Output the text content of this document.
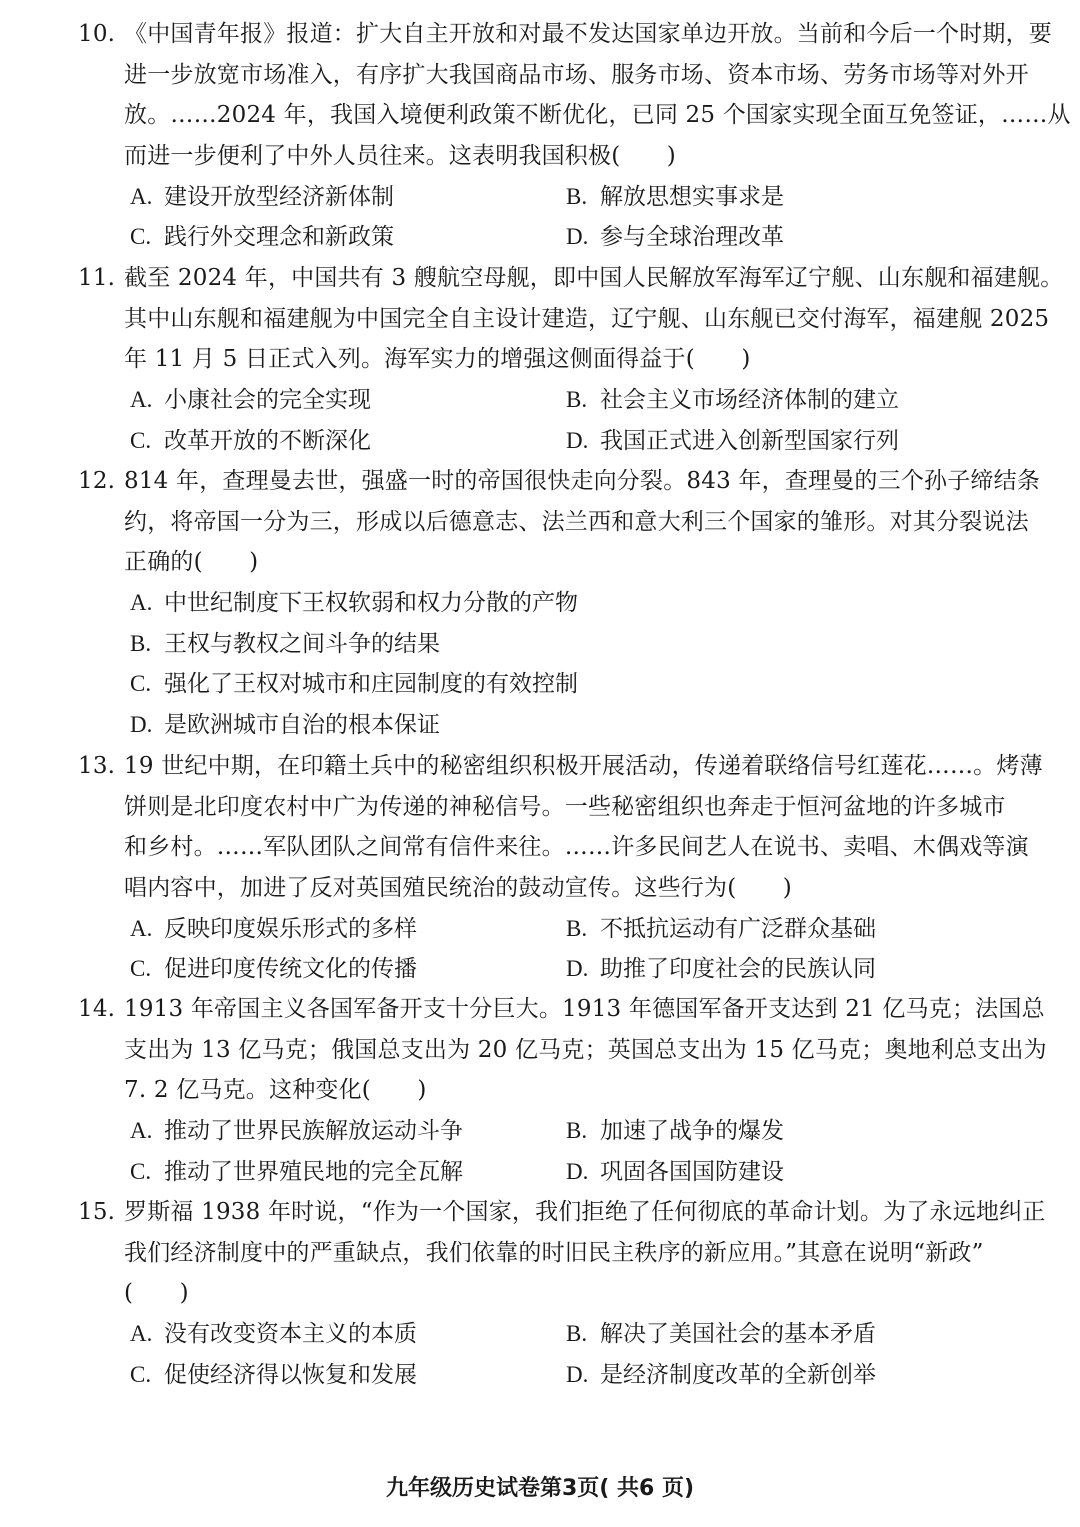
10. 《中国青年报》报道：扩大自主开放和对最不发达国家单边开放。当前和今后一个时期，要
进一步放宽市场准入，有序扩大我国商品市场、服务市场、资本市场、劳务市场等对外开
放。……2024 年，我国入境便利政策不断优化，已同 25 个国家实现全面互免签证，……从
而进一步便利了中外人员往来。这表明我国积极(　　)
A. 建设开放型经济新体制	B. 解放思想实事求是
C. 践行外交理念和新政策	D. 参与全球治理改革
11. 截至 2024 年，中国共有 3 艘航空母舰，即中国人民解放军海军辽宁舰、山东舰和福建舰。
其中山东舰和福建舰为中国完全自主设计建造，辽宁舰、山东舰已交付海军，福建舰 2025
年 11 月 5 日正式入列。海军实力的增强这侧面得益于(　　)
A. 小康社会的完全实现	B. 社会主义市场经济体制的建立
C. 改革开放的不断深化	D. 我国正式进入创新型国家行列
12. 814 年，查理曼去世，强盛一时的帝国很快走向分裂。843 年，查理曼的三个孙子缔结条
约，将帝国一分为三，形成以后德意志、法兰西和意大利三个国家的雏形。对其分裂说法
正确的(　　)
A. 中世纪制度下王权软弱和权力分散的产物
B. 王权与教权之间斗争的结果
C. 强化了王权对城市和庄园制度的有效控制
D. 是欧洲城市自治的根本保证
13. 19 世纪中期，在印籍土兵中的秘密组织积极开展活动，传递着联络信号红莲花……。烤薄
饼则是北印度农村中广为传递的神秘信号。一些秘密组织也奔走于恒河盆地的许多城市
和乡村。……军队团队之间常有信件来往。……许多民间艺人在说书、卖唱、木偶戏等演
唱内容中，加进了反对英国殖民统治的鼓动宣传。这些行为(　　)
A. 反映印度娱乐形式的多样	B. 不抵抗运动有广泛群众基础
C. 促进印度传统文化的传播	D. 助推了印度社会的民族认同
14. 1913 年帝国主义各国军备开支十分巨大。1913 年德国军备开支达到 21 亿马克；法国总
支出为 13 亿马克；俄国总支出为 20 亿马克；英国总支出为 15 亿马克；奥地利总支出为
7. 2 亿马克。这种变化(　　)
A. 推动了世界民族解放运动斗争	B. 加速了战争的爆发
C. 推动了世界殖民地的完全瓦解	D. 巩固各国国防建设
15. 罗斯福 1938 年时说，“作为一个国家，我们拒绝了任何彻底的革命计划。为了永远地纠正
我们经济制度中的严重缺点，我们依靠的时旧民主秩序的新应用。”其意在说明“新政”
(　　)
A. 没有改变资本主义的本质	B. 解决了美国社会的基本矛盾
C. 促使经济得以恢复和发展	D. 是经济制度改革的全新创举
九年级历史试卷第3页( 共6 页)
